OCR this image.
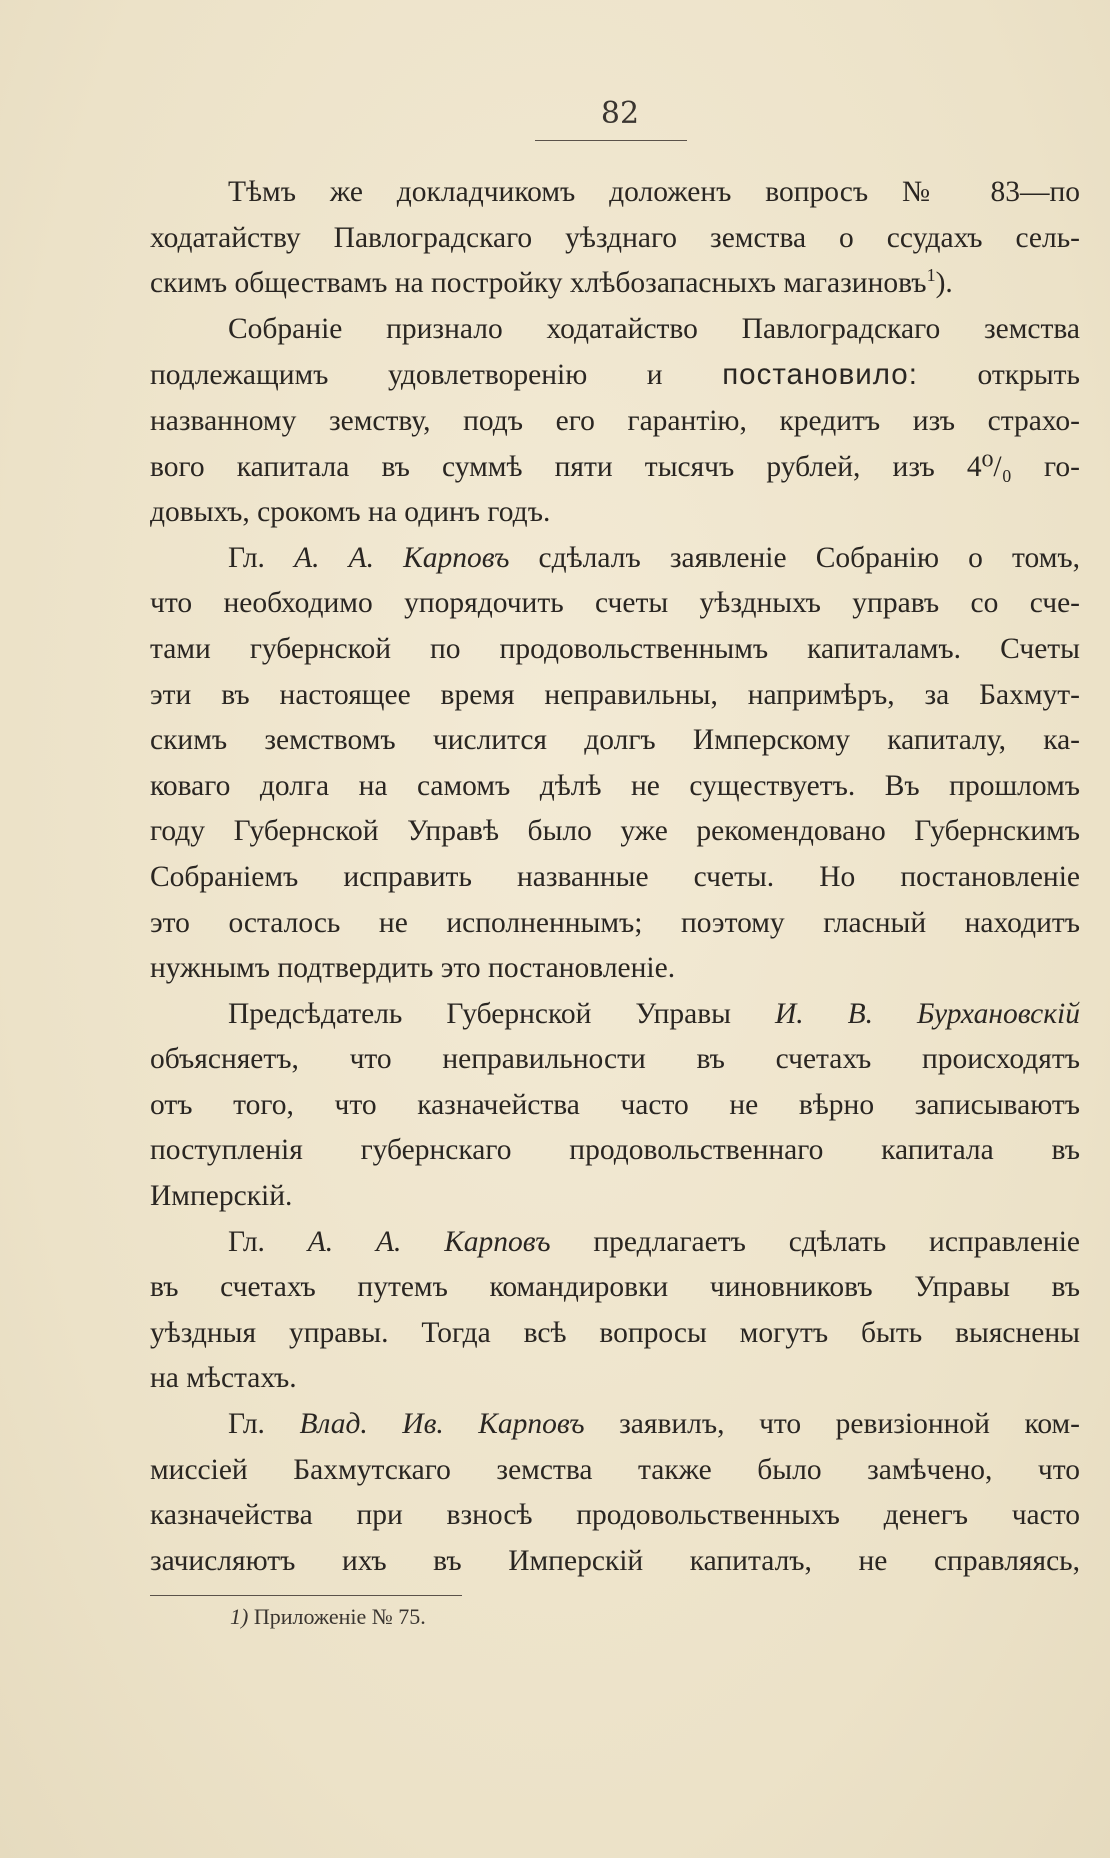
82
Тѣмъ же докладчикомъ доложенъ вопросъ № 83—по
ходатайству Павлоградскаго уѣзднаго земства о ссудахъ сель-
скимъ обществамъ на постройку хлѣбозапасныхъ магазиновъ$^1$).
Собраніе признало ходатайство Павлоградскаго земства
подлежащимъ удовлетворенію и постановило: открыть
названному земству, подъ его гарантію, кредитъ изъ страхо-
вого капитала въ суммѣ пяти тысячъ рублей, изъ 4⁰/₀ го-
довыхъ, срокомъ на одинъ годъ.
Гл. А. А. Карповъ сдѣлалъ заявленіе Собранію о томъ,
что необходимо упорядочить счеты уѣздныхъ управъ со сче-
тами губернской по продовольственнымъ капиталамъ. Счеты
эти въ настоящее время неправильны, напримѣръ, за Бахмут-
скимъ земствомъ числится долгъ Имперскому капиталу, ка-
коваго долга на самомъ дѣлѣ не существуетъ. Въ прошломъ
году Губернской Управѣ было уже рекомендовано Губернскимъ
Собраніемъ исправить названные счеты. Но постановленіе
это осталось не исполненнымъ; поэтому гласный находитъ
нужнымъ подтвердить это постановленіе.
Предсѣдатель Губернской Управы И. В. Бурхановскій
объясняетъ, что неправильности въ счетахъ происходятъ
отъ того, что казначейства часто не вѣрно записываютъ
поступленія губернскаго продовольственнаго капитала въ
Имперскій.
Гл. А. А. Карповъ предлагаетъ сдѣлать исправленіе
въ счетахъ путемъ командировки чиновниковъ Управы въ
уѣздныя управы. Тогда всѣ вопросы могутъ быть выяснены
на мѣстахъ.
Гл. Влад. Ив. Карповъ заявилъ, что ревизіонной ком-
миссіей Бахмутскаго земства также было замѣчено, что
казначейства при взносѣ продовольственныхъ денегъ часто
зачисляютъ ихъ въ Имперскій капиталъ, не справляясь,
1) Приложеніе № 75.
